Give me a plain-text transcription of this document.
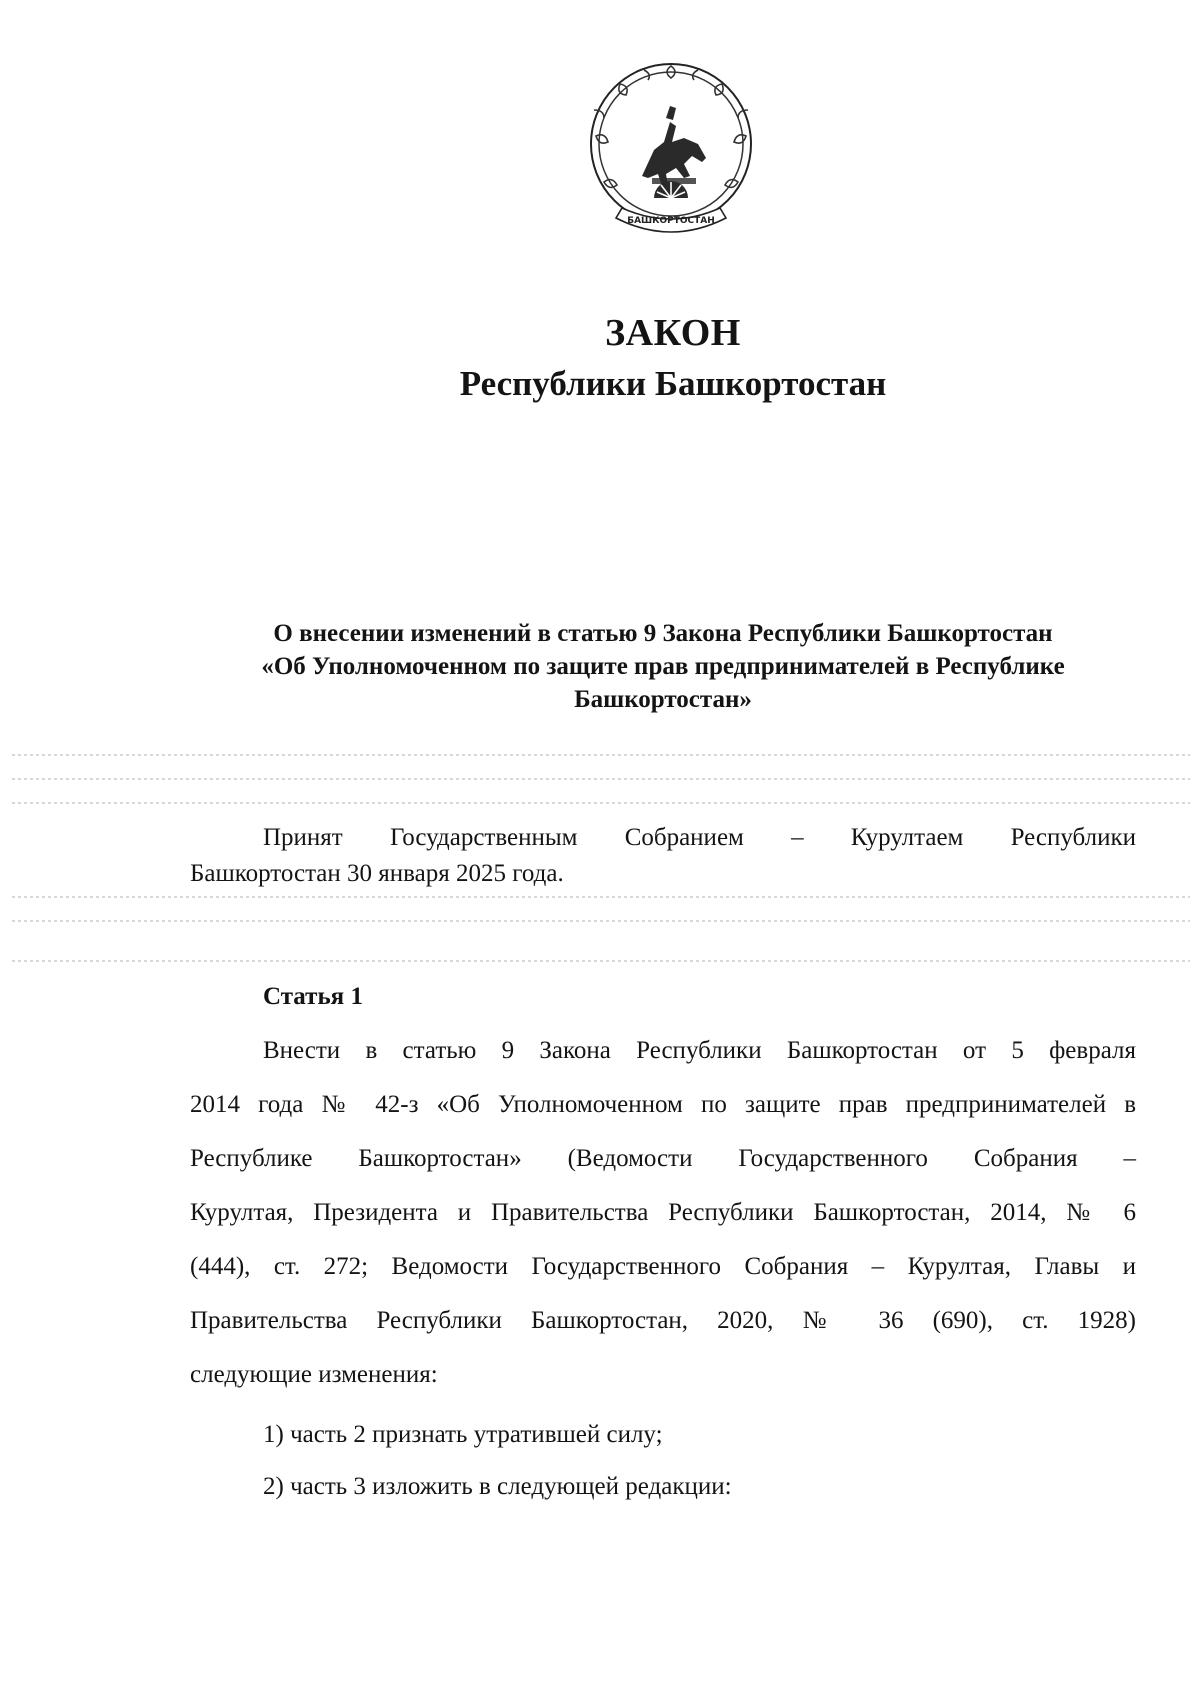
БАШКОРТОСТАН
ЗАКОН
Республики Башкортостан
О внесении изменений в статью 9 Закона Республики Башкортостан
«Об Уполномоченном по защите прав предпринимателей в Республике
Башкортостан»
Принят Государственным Собранием – Курултаем Республики
Башкортостан 30 января 2025 года.
Статья 1
Внести в статью 9 Закона Республики Башкортостан от 5 февраля
2014 года № 42-з «Об Уполномоченном по защите прав предпринимателей в
Республике Башкортостан» (Ведомости Государственного Собрания –
Курултая, Президента и Правительства Республики Башкортостан, 2014, № 6
(444), ст. 272; Ведомости Государственного Собрания – Курултая, Главы и
Правительства Республики Башкортостан, 2020, № 36 (690), ст. 1928)
следующие изменения:
1) часть 2 признать утратившей силу;
2) часть 3 изложить в следующей редакции:
